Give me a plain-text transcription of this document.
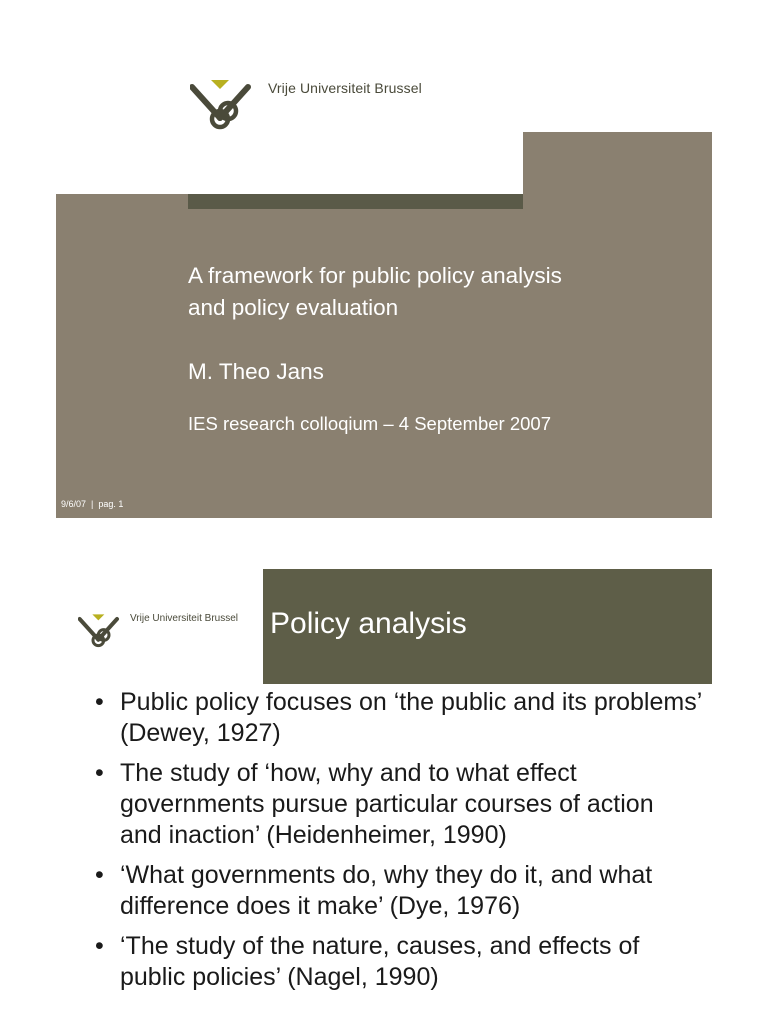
Vrije Universiteit Brussel
A framework for public policy analysis
and policy evaluation
M. Theo Jans
IES research colloqium – 4 September 2007
9/6/07 | pag. 1
Vrije Universiteit Brussel Policy analysis
• Public policy focuses on ‘the public and its problems’ (Dewey, 1927)
• The study of ‘how, why and to what effect governments pursue particular courses of action and inaction’ (Heidenheimer, 1990)
• ‘What governments do, why they do it, and what difference does it make’ (Dye, 1976)
• ‘The study of the nature, causes, and effects of public policies’ (Nagel, 1990)
